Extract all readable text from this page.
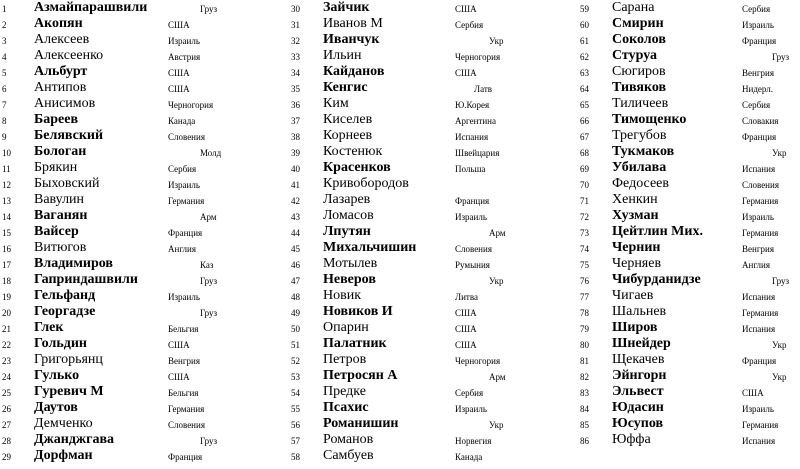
1 Азмайпарашвили	Груз
2 Акопян	США
3 Алексеев	Израиль
4 Алексеенко	Австрия
5 Альбурт	США
6 Антипов	США
7 Анисимов	Черногория
8 Бареев	Канада
9 Белявский	Словения
10 Бологан	Молд
11 Брякин	Сербия
12 Быховский	Израиль
13 Вавулин	Германия
14 Ваганян	Арм
15 Вайсер	Франция
16 Витюгов	Англия
17 Владимиров	Каз
18 Гаприндашвили	Груз
19 Гельфанд	Израиль
20 Георгадзе	Груз
21 Глек	Бельгия
22 Гольдин	США
23 Григорьянц	Венгрия
24 Гулько	США
25 Гуревич М	Бельгия
26 Даутов	Германия
27 Демченко	Словения
28 Джанджгава	Груз
29 Дорфман	Франция
30 Зайчик	США
31 Иванов М	Сербия
32 Иванчук	Укр
33 Ильин	Черногория
34 Кайданов	США
35 Кенгис	Латв
36 Ким	Ю.Корея
37 Киселев	Аргентина
38 Корнеев	Испания
39 Костенюк	Швейцария
40 Красенков	Польша
41 Кривобородов
42 Лазарев	Франция
43 Ломасов	Израиль
44 Лпутян	Арм
45 Михальчишин	Словения
46 Мотылев	Румыния
47 Неверов	Укр
48 Новик	Литва
49 Новиков И	США
50 Опарин	США
51 Палатник	США
52 Петров	Черногория
53 Петросян А	Арм
54 Предке	Сербия
55 Псахис	Израиль
56 Романишин	Укр
57 Романов	Норвегия
58 Самбуев	Канада
59 Сарана	Сербия
60 Смирин	Израиль
61 Соколов	Франция
62 Стуруа	Груз
63 Сюгиров	Венгрия
64 Тивяков	Нидерл.
65 Тиличеев	Сербия
66 Тимощенко	Словакия
67 Трегубов	Франция
68 Тукмаков	Укр
69 Убилава	Испания
70 Федосеев	Словения
71 Хенкин	Германия
72 Хузман	Израиль
73 Цейтлин Мих.	Германия
74 Чернин	Венгрия
75 Черняев	Англия
76 Чибурданидзе	Груз
77 Чигаев	Испания
78 Шальнев	Германия
79 Широв	Испания
80 Шнейдер	Укр
81 Щекачев	Франция
82 Эйнгорн	Укр
83 Эльвест	США
84 Юдасин	Израиль
85 Юсупов	Германия
86 Юффа	Испания
